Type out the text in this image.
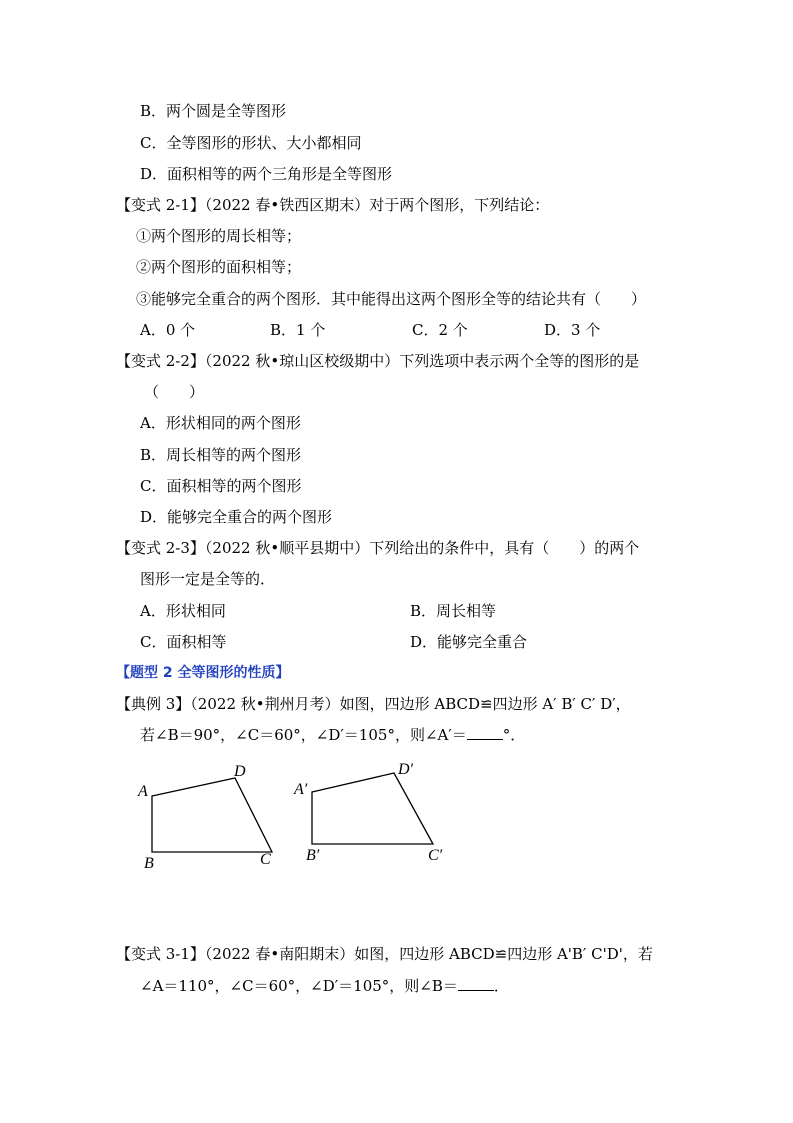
B．两个圆是全等图形
C．全等图形的形状、大小都相同
D．面积相等的两个三角形是全等图形
【变式 2-1】（2022 春•铁西区期末）对于两个图形，下列结论：
①两个图形的周长相等；
②两个图形的面积相等；
③能够完全重合的两个图形．其中能得出这两个图形全等的结论共有（　　）
A．0 个	B．1 个	C．2 个	D．3 个
【变式 2-2】（2022 秋•琼山区校级期中）下列选项中表示两个全等的图形的是
（　　）
A．形状相同的两个图形
B．周长相等的两个图形
C．面积相等的两个图形
D．能够完全重合的两个图形
【变式 2-3】（2022 秋•顺平县期中）下列给出的条件中，具有（　　）的两个
图形一定是全等的．
A．形状相同	B．周长相等
C．面积相等	D．能够完全重合
【题型 2 全等图形的性质】
【典例 3】（2022 秋•荆州月考）如图，四边形 ABCD≌四边形 A′ B′ C′ D′，
若∠B＝90°，∠C＝60°，∠D′＝105°，则∠A′＝ °．
A
D
B	C
A′
D′
B′	C′
【变式 3-1】（2022 春•南阳期末）如图，四边形 ABCD≌四边形 A'B′ C'D'，若
∠A＝110°，∠C＝60°，∠D′＝105°，则∠B＝ ．
